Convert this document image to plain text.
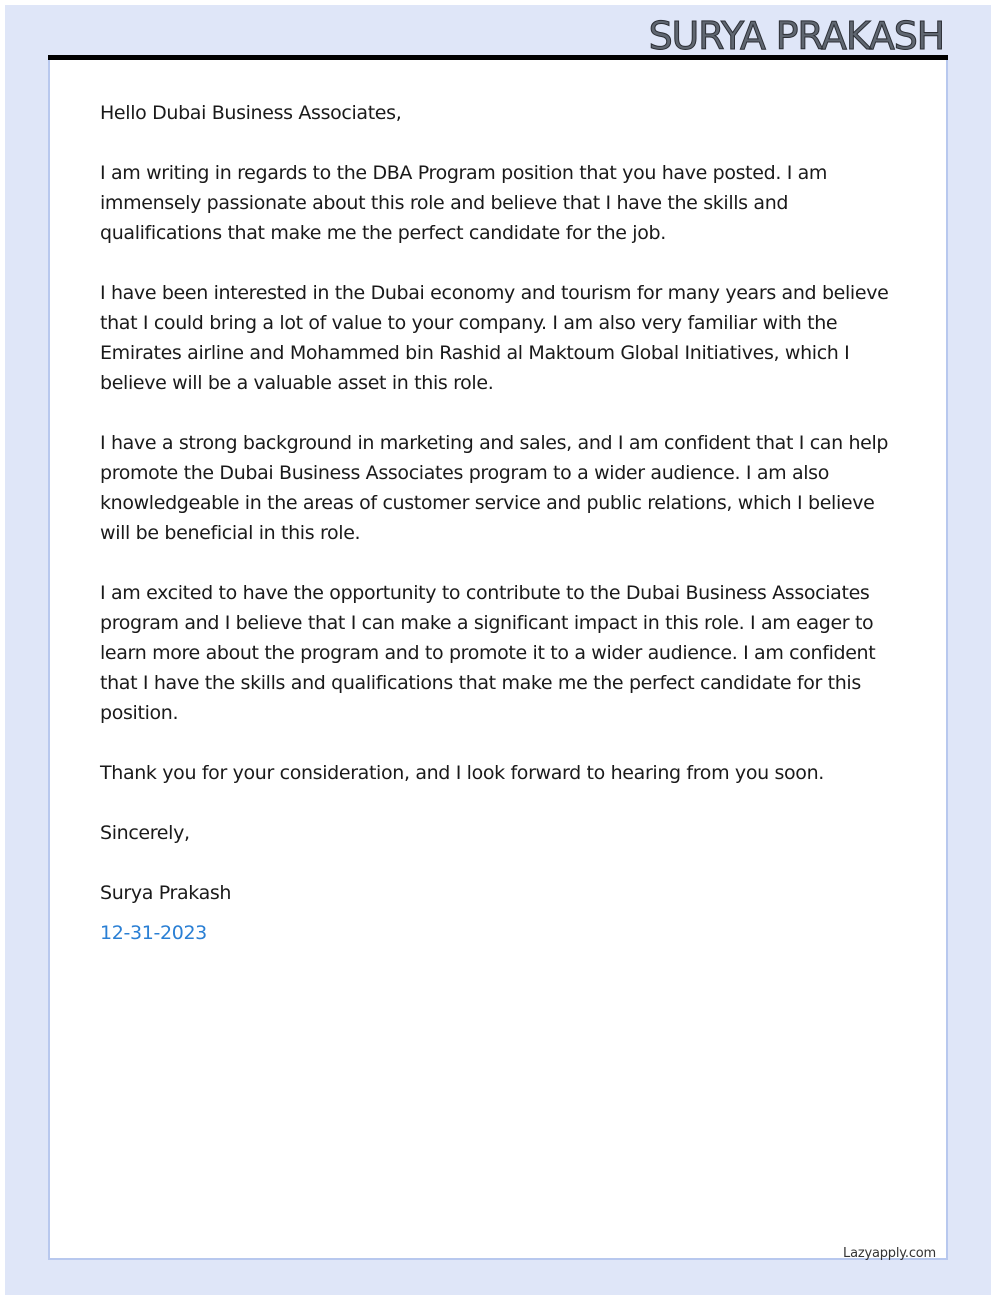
SURYA PRAKASH

Hello Dubai Business Associates,

I am writing in regards to the DBA Program position that you have posted. I am immensely passionate about this role and believe that I have the skills and qualifications that make me the perfect candidate for the job.

I have been interested in the Dubai economy and tourism for many years and believe that I could bring a lot of value to your company. I am also very familiar with the Emirates airline and Mohammed bin Rashid al Maktoum Global Initiatives, which I believe will be a valuable asset in this role.

I have a strong background in marketing and sales, and I am confident that I can help promote the Dubai Business Associates program to a wider audience. I am also knowledgeable in the areas of customer service and public relations, which I believe will be beneficial in this role.

I am excited to have the opportunity to contribute to the Dubai Business Associates program and I believe that I can make a significant impact in this role. I am eager to learn more about the program and to promote it to a wider audience. I am confident that I have the skills and qualifications that make me the perfect candidate for this position.

Thank you for your consideration, and I look forward to hearing from you soon.

Sincerely,

Surya Prakash

12-31-2023

Lazyapply.com
